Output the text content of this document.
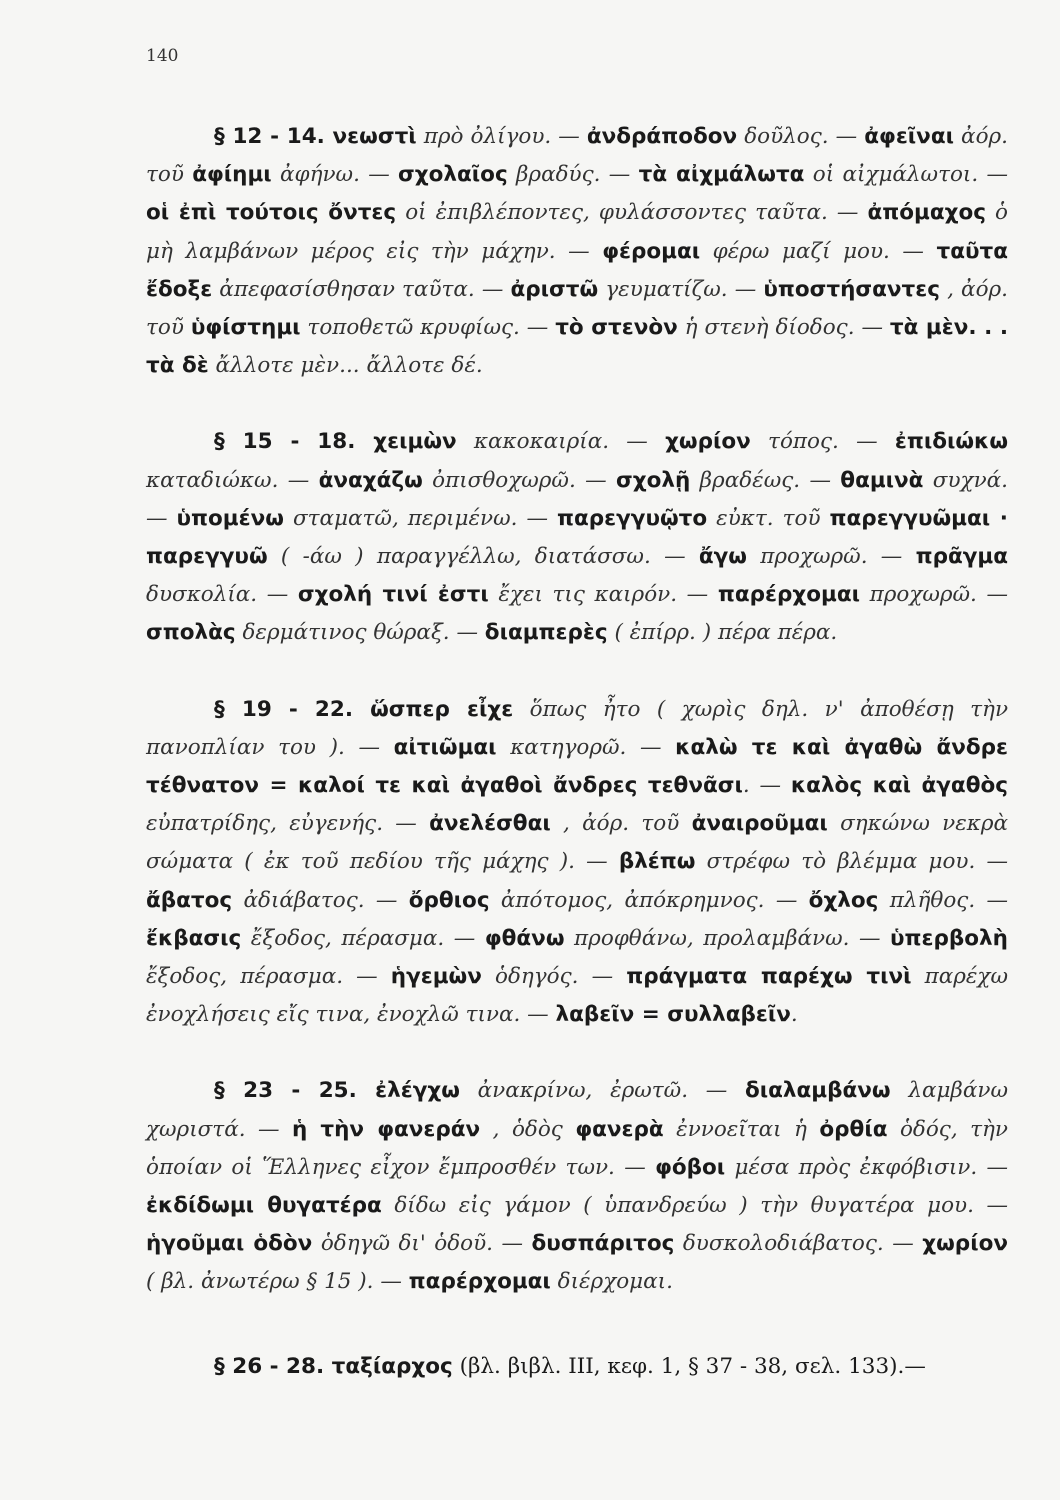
140

§ 12 - 14. νεωστὶ πρὸ ὀλίγου. — ἀνδράποδον δοῦλος. — ἀφεῖναι ἀόρ. τοῦ ἀφίημι ἀφήνω. — σχολαῖος βραδύς. — τὰ αἰχμάλωτα οἱ αἰχμάλωτοι. — οἱ ἐπὶ τούτοις ὄντες οἱ ἐπιβλέποντες, φυλάσσοντες ταῦτα. — ἀπόμαχος ὁ μὴ λαμβάνων μέρος εἰς τὴν μάχην. — φέρομαι φέρω μαζί μου. — ταῦτα ἔδοξε ἀπεφασίσθησαν ταῦτα. — ἀριστῶ γευματίζω. — ὑποστήσαντες , ἀόρ. τοῦ ὑφίστημι τοποθετῶ κρυφίως. — τὸ στενὸν ἡ στενὴ δίοδος. — τὰ μὲν. . . τὰ δὲ ἄλλοτε μὲν... ἄλλοτε δέ.

§ 15 - 18. χειμὼν κακοκαιρία. — χωρίον τόπος. — ἐπιδιώκω καταδιώκω. — ἀναχάζω ὀπισθοχωρῶ. — σχολῇ βραδέως. — θαμινὰ συχνά. — ὑπομένω σταματῶ, περιμένω. — παρεγγυῷτο εὐκτ. τοῦ παρεγγυῶμαι · παρεγγυῶ ( -άω ) παραγγέλλω, διατάσσω. — ἄγω προχωρῶ. — πρᾶγμα δυσκολία. — σχολή τινί ἐστι ἔχει τις καιρόν. — παρέρχομαι προχωρῶ. — σπολὰς δερμάτινος θώραξ. — διαμπερὲς ( ἐπίρρ. ) πέρα πέρα.

§ 19 - 22. ὥσπερ εἶχε ὅπως ἦτο ( χωρὶς δηλ. ν' ἀποθέσῃ τὴν πανοπλίαν του ). — αἰτιῶμαι κατηγορῶ. — καλὼ τε καὶ ἀγαθὼ ἄνδρε τέθνατον = καλοί τε καὶ ἀγαθοὶ ἄνδρες τεθνᾶσι. — καλὸς καὶ ἀγαθὸς εὐπατρίδης, εὐγενής. — ἀνελέσθαι , ἀόρ. τοῦ ἀναιροῦμαι σηκώνω νεκρὰ σώματα ( ἐκ τοῦ πεδίου τῆς μάχης ). — βλέπω στρέφω τὸ βλέμμα μου. — ἄβατος ἀδιάβατος. — ὄρθιος ἀπότομος, ἀπόκρημνος. — ὄχλος πλῆθος. — ἔκβασις ἔξοδος, πέρασμα. — φθάνω προφθάνω, προλαμβάνω. — ὑπερβολὴ ἔξοδος, πέρασμα. — ἡγεμὼν ὁδηγός. — πράγματα παρέχω τινὶ παρέχω ἐνοχλήσεις εἴς τινα, ἐνοχλῶ τινα. — λαβεῖν = συλλαβεῖν.

§ 23 - 25. ἐλέγχω ἀνακρίνω, ἐρωτῶ. — διαλαμβάνω λαμβάνω χωριστά. — ἡ τὴν φανεράν , ὁδὸς φανερὰ ἐννοεῖται ἡ ὀρθία ὁδός, τὴν ὁποίαν οἱ Ἕλληνες εἶχον ἔμπροσθέν των. — φόβοι μέσα πρὸς ἐκφόβισιν. — ἐκδίδωμι θυγατέρα δίδω εἰς γάμον ( ὑπανδρεύω ) τὴν θυγατέρα μου. — ἡγοῦμαι ὁδὸν ὁδηγῶ δι' ὁδοῦ. — δυσπάριτος δυσκολοδιάβατος. — χωρίον ( βλ. ἀνωτέρω § 15 ). — παρέρχομαι διέρχομαι.

§ 26 - 28. ταξίαρχος (βλ. βιβλ. III, κεφ. 1, § 37 - 38, σελ. 133).—
